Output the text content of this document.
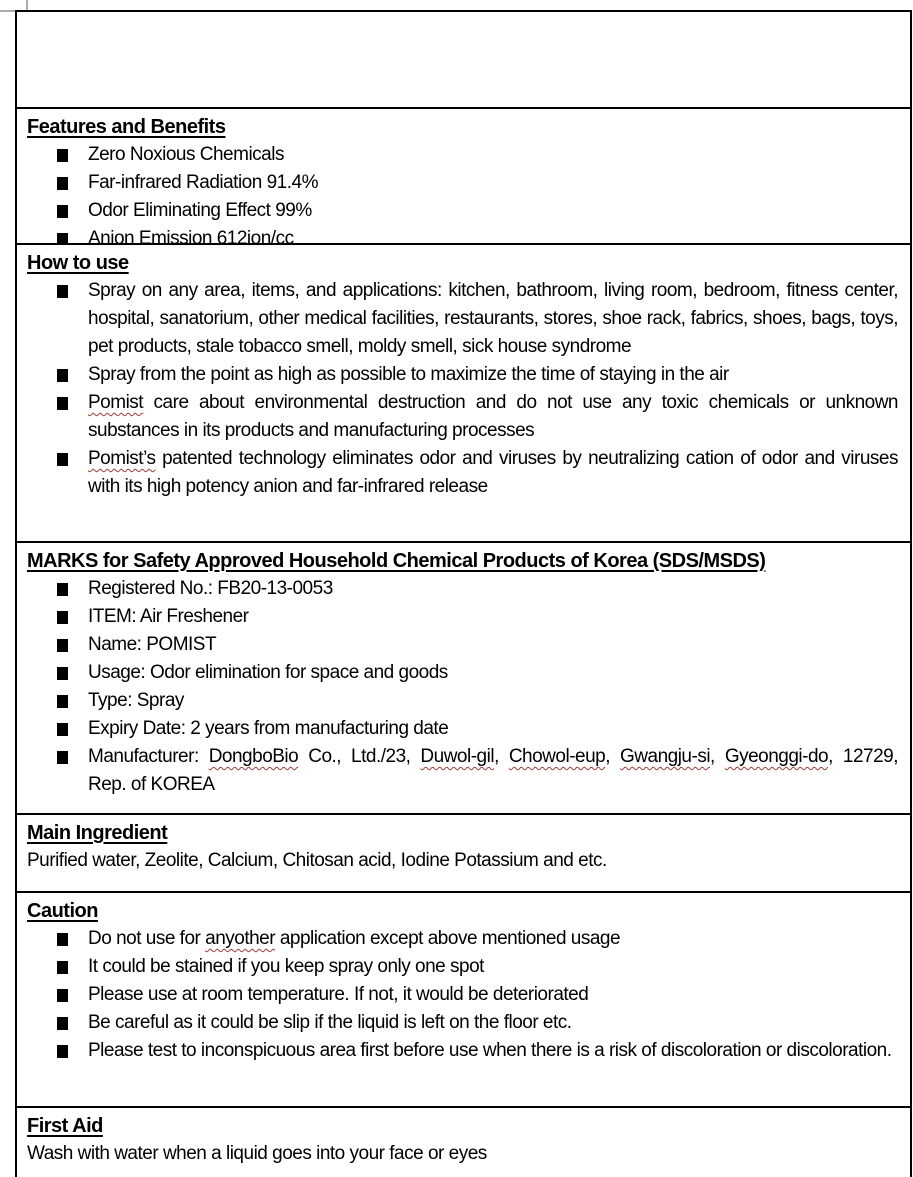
Features and Benefits
Zero Noxious Chemicals
Far-infrared Radiation 91.4%
Odor Eliminating Effect 99%
Anion Emission 612ion/cc
How to use
Spray on any area, items, and applications: kitchen, bathroom, living room, bedroom, fitness center, hospital, sanatorium, other medical facilities, restaurants, stores, shoe rack, fabrics, shoes, bags, toys, pet products, stale tobacco smell, moldy smell, sick house syndrome
Spray from the point as high as possible to maximize the time of staying in the air
Pomist care about environmental destruction and do not use any toxic chemicals or unknown substances in its products and manufacturing processes
Pomist’s patented technology eliminates odor and viruses by neutralizing cation of odor and viruses with its high potency anion and far-infrared release
MARKS for Safety Approved Household Chemical Products of Korea (SDS/MSDS)
Registered No.: FB20-13-0053
ITEM: Air Freshener
Name: POMIST
Usage: Odor elimination for space and goods
Type: Spray
Expiry Date: 2 years from manufacturing date
Manufacturer: DongboBio Co., Ltd./23, Duwol-gil, Chowol-eup, Gwangju-si, Gyeonggi-do, 12729, Rep. of KOREA
Main Ingredient
Purified water, Zeolite, Calcium, Chitosan acid, Iodine Potassium and etc.
Caution
Do not use for anyother application except above mentioned usage
It could be stained if you keep spray only one spot
Please use at room temperature. If not, it would be deteriorated
Be careful as it could be slip if the liquid is left on the floor etc.
Please test to inconspicuous area first before use when there is a risk of discoloration or discoloration.
First Aid
Wash with water when a liquid goes into your face or eyes
